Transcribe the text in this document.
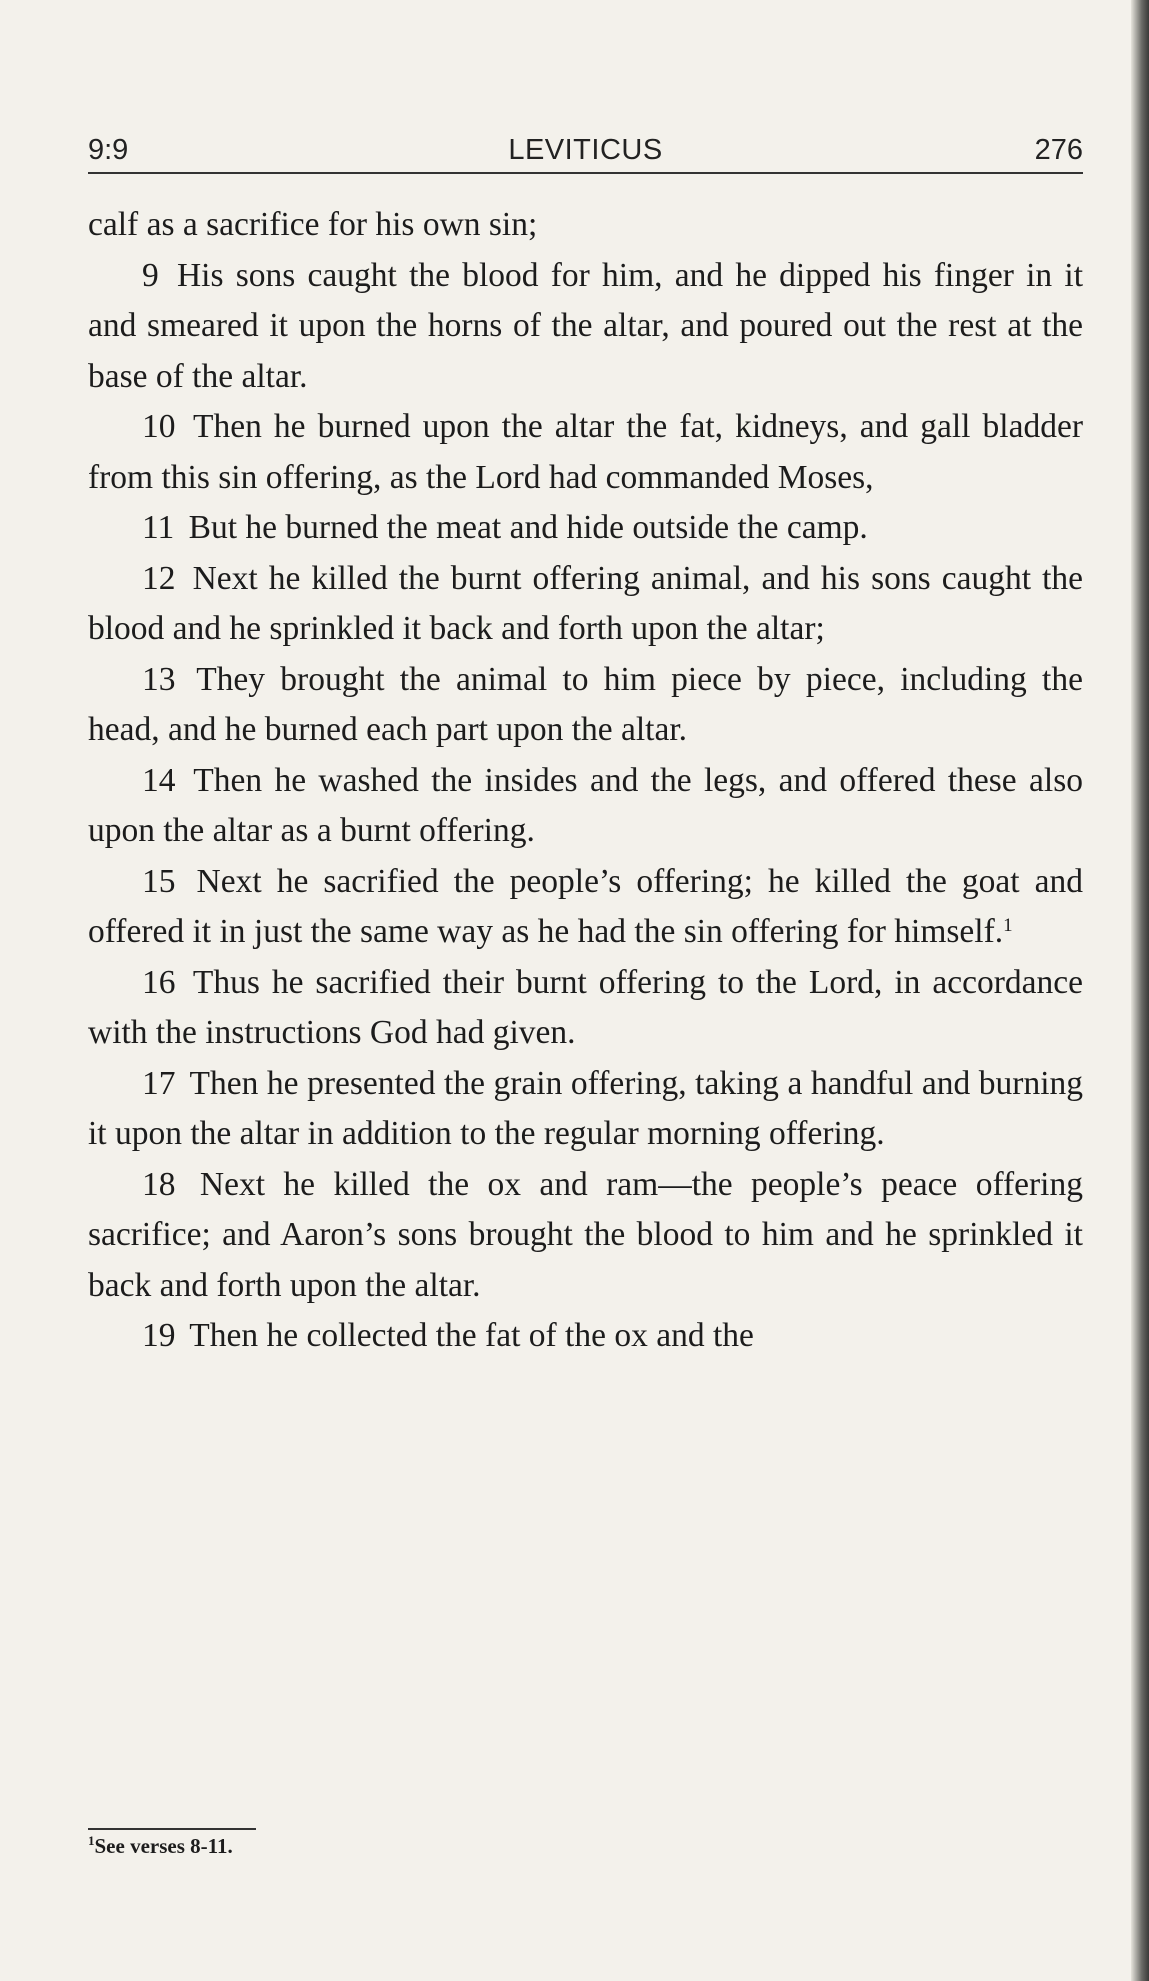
9:9	LEVITICUS	276

calf as a sacrifice for his own sin;

9 His sons caught the blood for him, and he dipped his finger in it and smeared it upon the horns of the altar, and poured out the rest at the base of the altar.

10 Then he burned upon the altar the fat, kidneys, and gall bladder from this sin offering, as the Lord had commanded Moses,

11 But he burned the meat and hide outside the camp.

12 Next he killed the burnt offering animal, and his sons caught the blood and he sprinkled it back and forth upon the altar;

13 They brought the animal to him piece by piece, including the head, and he burned each part upon the altar.

14 Then he washed the insides and the legs, and offered these also upon the altar as a burnt offering.

15 Next he sacrified the people’s offering; he killed the goat and offered it in just the same way as he had the sin offering for himself.$^1$

16 Thus he sacrified their burnt offering to the Lord, in accordance with the instructions God had given.

17 Then he presented the grain offering, taking a handful and burning it upon the altar in addition to the regular morning offering.

18 Next he killed the ox and ram—the people’s peace offering sacrifice; and Aaron’s sons brought the blood to him and he sprinkled it back and forth upon the altar.

19 Then he collected the fat of the ox and the

$^1$See verses 8-11.
